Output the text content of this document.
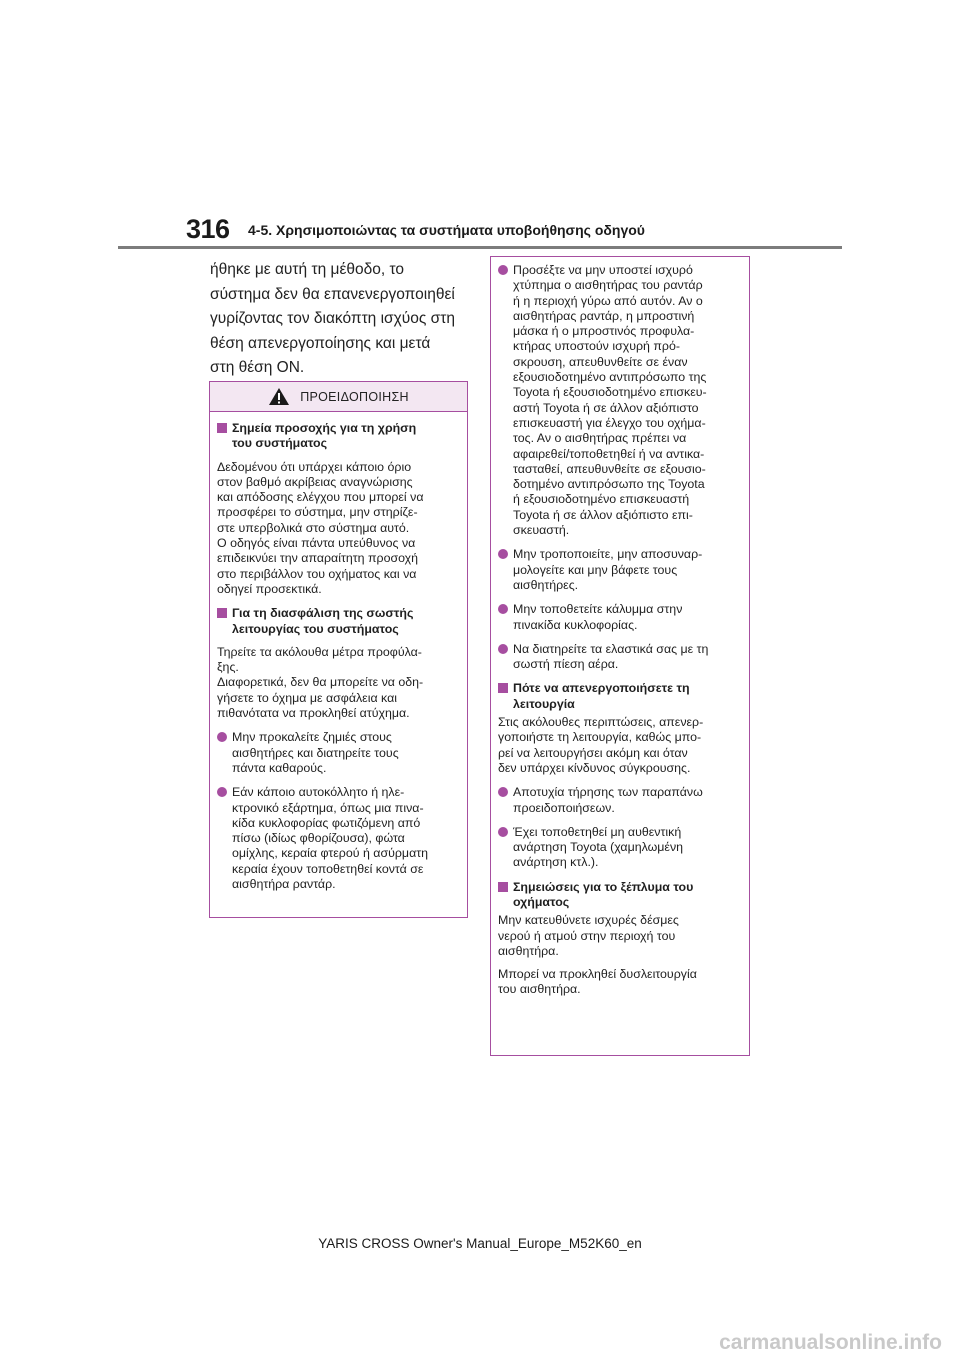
316 4-5. Χρησιμοποιώντας τα συστήματα υποβοήθησης οδηγού

ήθηκε με αυτή τη μέθοδο, το

σύστημα δεν θα επανενεργοποιηθεί

γυρίζοντας τον διακόπτη ισχύος στη

θέση απενεργοποίησης και μετά

στη θέση ΟΝ.

ΠΡΟΕΙΔΟΠΟΙΗΣΗ

Σημεία προσοχής για τη χρήση
του συστήματος

Δεδομένου ότι υπάρχει κάποιο όριο
στον βαθμό ακρίβειας αναγνώρισης
και απόδοσης ελέγχου που μπορεί να
προσφέρει το σύστημα, μην στηρίζε-
στε υπερβολικά στο σύστημα αυτό.
Ο οδηγός είναι πάντα υπεύθυνος να
επιδεικνύει την απαραίτητη προσοχή
στο περιβάλλον του οχήματος και να
οδηγεί προσεκτικά.

Για τη διασφάλιση της σωστής
λειτουργίας του συστήματος

Τηρείτε τα ακόλουθα μέτρα προφύλα-
ξης.
Διαφορετικά, δεν θα μπορείτε να οδη-
γήσετε το όχημα με ασφάλεια και
πιθανότατα να προκληθεί ατύχημα.

Μην προκαλείτε ζημιές στους
αισθητήρες και διατηρείτε τους
πάντα καθαρούς.

Εάν κάποιο αυτοκόλλητο ή ηλε-
κτρονικό εξάρτημα, όπως μια πινα-
κίδα κυκλοφορίας φωτιζόμενη από
πίσω (ιδίως φθορίζουσα), φώτα
ομίχλης, κεραία φτερού ή ασύρματη
κεραία έχουν τοποθετηθεί κοντά σε
αισθητήρα ραντάρ.

Προσέξτε να μην υποστεί ισχυρό
χτύπημα ο αισθητήρας του ραντάρ
ή η περιοχή γύρω από αυτόν. Αν ο
αισθητήρας ραντάρ, η μπροστινή
μάσκα ή ο μπροστινός προφυλα-
κτήρας υποστούν ισχυρή πρό-
σκρουση, απευθυνθείτε σε έναν
εξουσιοδοτημένο αντιπρόσωπο της
Toyota ή εξουσιοδοτημένο επισκευ-
αστή Toyota ή σε άλλον αξιόπιστο
επισκευαστή για έλεγχο του οχήμα-
τος. Αν ο αισθητήρας πρέπει να
αφαιρεθεί/τοποθετηθεί ή να αντικα-
τασταθεί, απευθυνθείτε σε εξουσιο-
δοτημένο αντιπρόσωπο της Toyota
ή εξουσιοδοτημένο επισκευαστή
Toyota ή σε άλλον αξιόπιστο επι-
σκευαστή.

Μην τροποποιείτε, μην αποσυναρ-
μολογείτε και μην βάφετε τους
αισθητήρες.

Μην τοποθετείτε κάλυμμα στην
πινακίδα κυκλοφορίας.

Να διατηρείτε τα ελαστικά σας με τη
σωστή πίεση αέρα.

Πότε να απενεργοποιήσετε τη
λειτουργία

Στις ακόλουθες περιπτώσεις, απενερ-
γοποιήστε τη λειτουργία, καθώς μπο-
ρεί να λειτουργήσει ακόμη και όταν
δεν υπάρχει κίνδυνος σύγκρουσης.

Αποτυχία τήρησης των παραπάνω
προειδοποιήσεων.

Έχει τοποθετηθεί μη αυθεντική
ανάρτηση Toyota (χαμηλωμένη
ανάρτηση κτλ.).

Σημειώσεις για το ξέπλυμα του
οχήματος

Μην κατευθύνετε ισχυρές δέσμες
νερού ή ατμού στην περιοχή του
αισθητήρα.

Μπορεί να προκληθεί δυσλειτουργία
του αισθητήρα.

YARIS CROSS Owner's Manual_Europe_M52K60_en
carmanualsonline.info
